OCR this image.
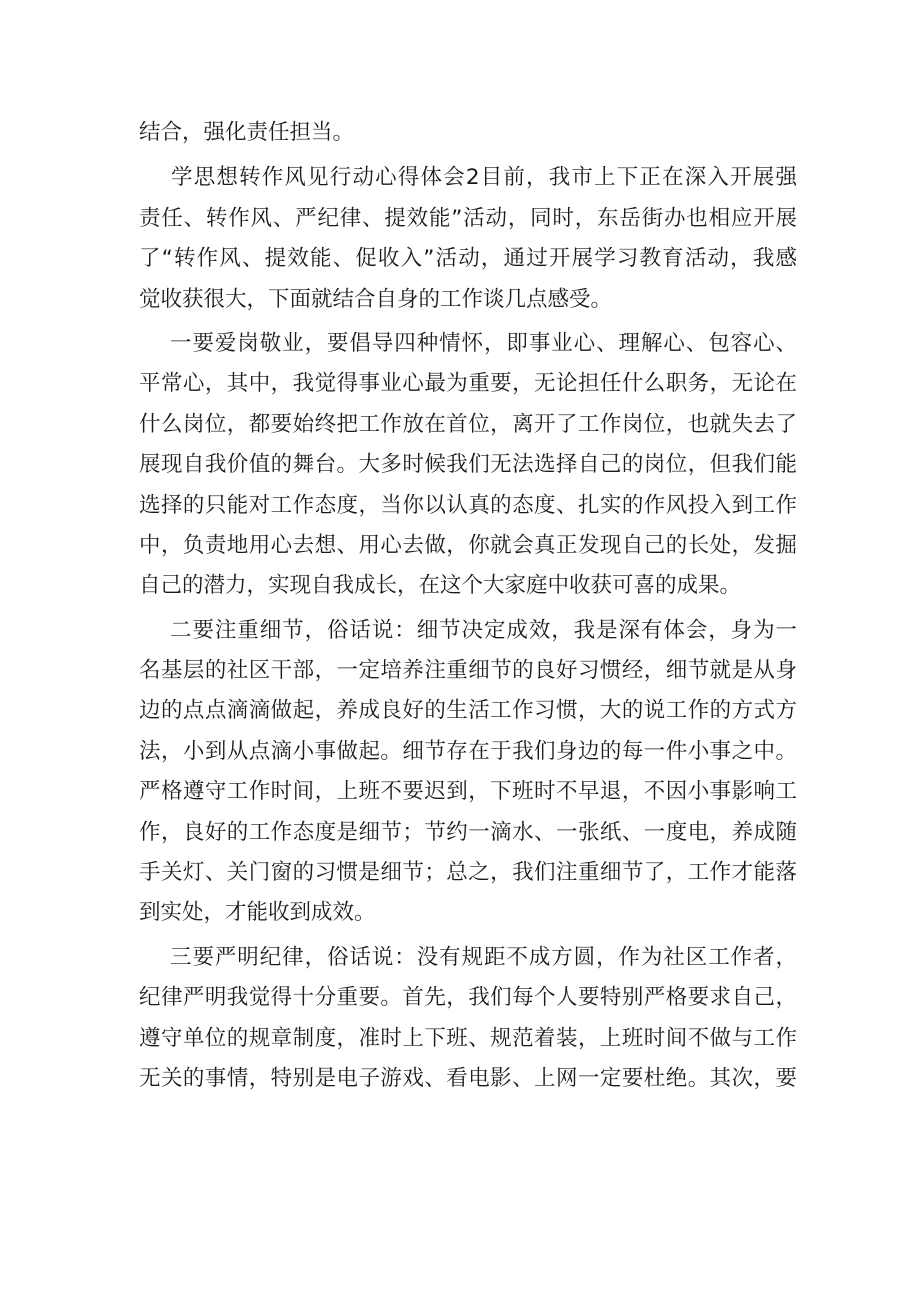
结合，强化责任担当。
学思想转作风见行动心得体会2目前，我市上下正在深入开展强
责任、转作风、严纪律、提效能”活动，同时，东岳街办也相应开展
了“转作风、提效能、促收入”活动，通过开展学习教育活动，我感
觉收获很大，下面就结合自身的工作谈几点感受。
一要爱岗敬业，要倡导四种情怀，即事业心、理解心、包容心、
平常心，其中，我觉得事业心最为重要，无论担任什么职务，无论在
什么岗位，都要始终把工作放在首位，离开了工作岗位，也就失去了
展现自我价值的舞台。大多时候我们无法选择自己的岗位，但我们能
选择的只能对工作态度，当你以认真的态度、扎实的作风投入到工作
中，负责地用心去想、用心去做，你就会真正发现自己的长处，发掘
自己的潜力，实现自我成长，在这个大家庭中收获可喜的成果。
二要注重细节，俗话说：细节决定成效，我是深有体会，身为一
名基层的社区干部，一定培养注重细节的良好习惯经，细节就是从身
边的点点滴滴做起，养成良好的生活工作习惯，大的说工作的方式方
法，小到从点滴小事做起。细节存在于我们身边的每一件小事之中。
严格遵守工作时间，上班不要迟到，下班时不早退，不因小事影响工
作，良好的工作态度是细节；节约一滴水、一张纸、一度电，养成随
手关灯、关门窗的习惯是细节；总之，我们注重细节了，工作才能落
到实处，才能收到成效。
三要严明纪律，俗话说：没有规距不成方圆，作为社区工作者，
纪律严明我觉得十分重要。首先，我们每个人要特别严格要求自己，
遵守单位的规章制度，准时上下班、规范着装，上班时间不做与工作
无关的事情，特别是电子游戏、看电影、上网一定要杜绝。其次，要
